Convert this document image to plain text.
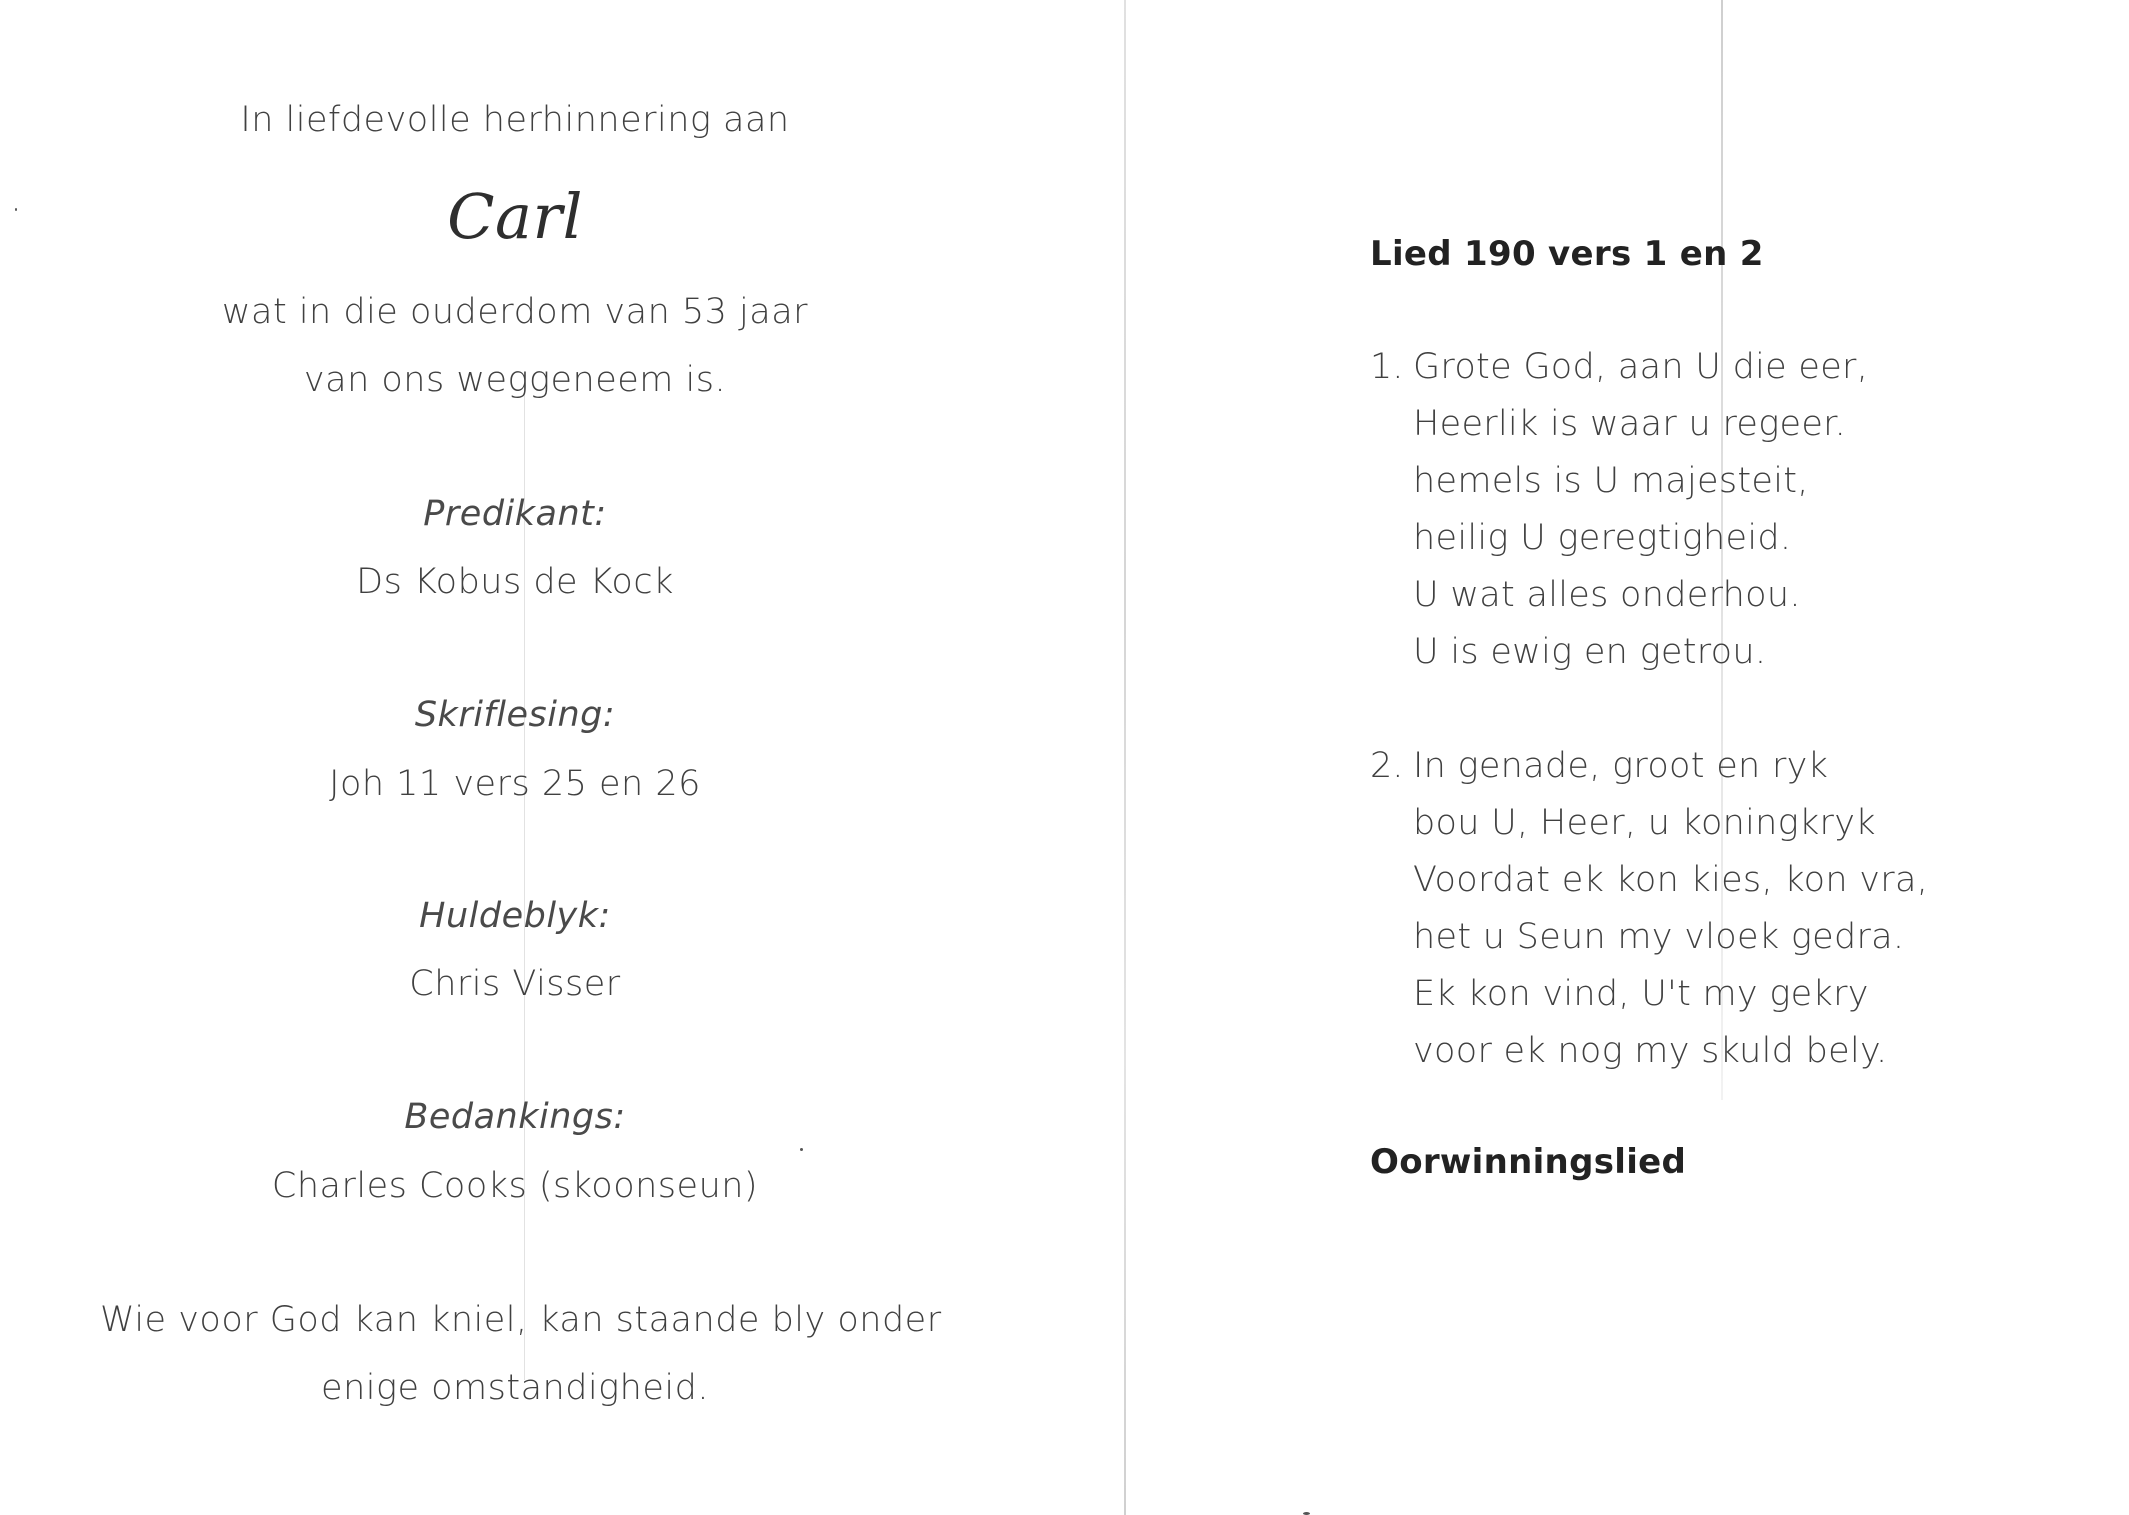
In liefdevolle herhinnering aan
Carl
wat in die ouderdom van 53 jaar
van ons weggeneem is.
Predikant:
Ds Kobus de Kock
Skriflesing:
Joh 11 vers 25 en 26
Huldeblyk:
Chris Visser
Bedankings:
Charles Cooks (skoonseun)
Wie voor God kan kniel, kan staande bly onder
enige omstandigheid.
Lied 190 vers 1 en 2
1. Grote God, aan U die eer,
Heerlik is waar u regeer.
hemels is U majesteit,
heilig U geregtigheid.
U wat alles onderhou.
U is ewig en getrou.
2. In genade, groot en ryk
bou U, Heer, u koningkryk
Voordat ek kon kies, kon vra,
het u Seun my vloek gedra.
Ek kon vind, U't my gekry
voor ek nog my skuld bely.
Oorwinningslied
